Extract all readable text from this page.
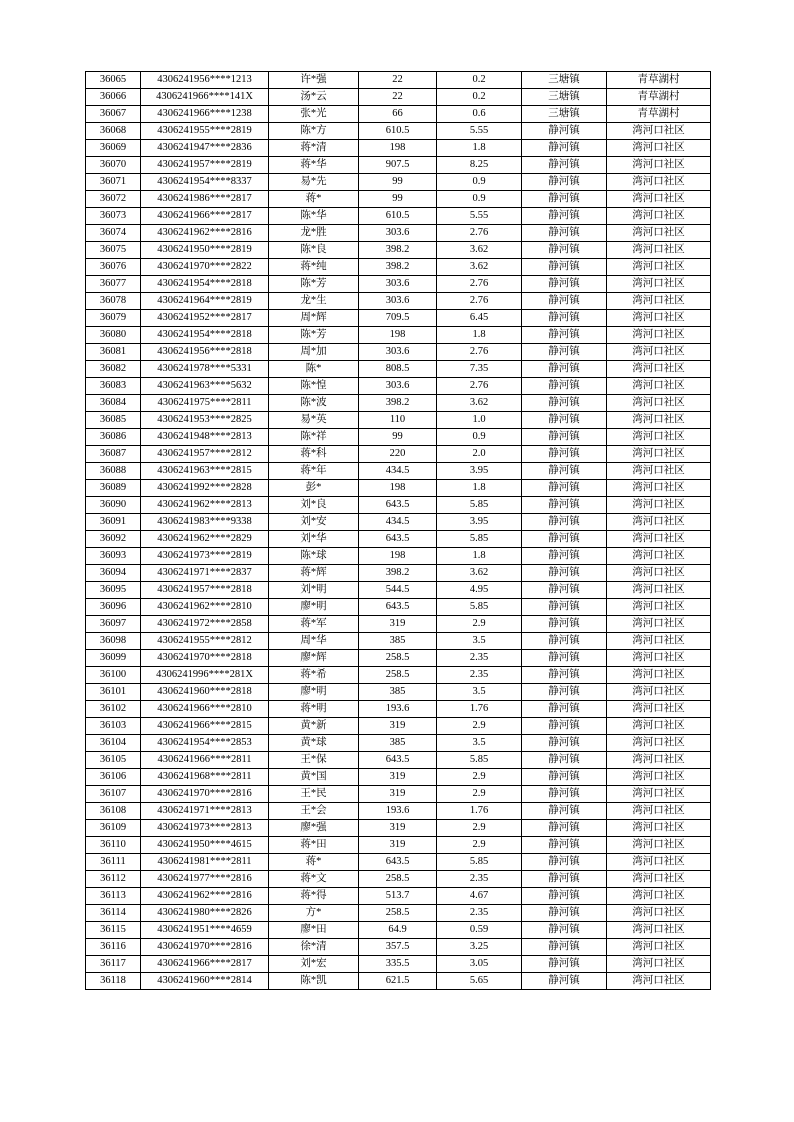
36065	4306241956****1213	许*强	22	0.2	三塘镇	青草湖村
36066	4306241966****141X	汤*云	22	0.2	三塘镇	青草湖村
36067	4306241966****1238	张*光	66	0.6	三塘镇	青草湖村
36068	4306241955****2819	陈*方	610.5	5.55	静河镇	湾河口社区
36069	4306241947****2836	蒋*清	198	1.8	静河镇	湾河口社区
36070	4306241957****2819	蒋*华	907.5	8.25	静河镇	湾河口社区
36071	4306241954****8337	易*先	99	0.9	静河镇	湾河口社区
36072	4306241986****2817	蒋*	99	0.9	静河镇	湾河口社区
36073	4306241966****2817	陈*华	610.5	5.55	静河镇	湾河口社区
36074	4306241962****2816	龙*胜	303.6	2.76	静河镇	湾河口社区
36075	4306241950****2819	陈*良	398.2	3.62	静河镇	湾河口社区
36076	4306241970****2822	蒋*纯	398.2	3.62	静河镇	湾河口社区
36077	4306241954****2818	陈*芳	303.6	2.76	静河镇	湾河口社区
36078	4306241964****2819	龙*生	303.6	2.76	静河镇	湾河口社区
36079	4306241952****2817	周*辉	709.5	6.45	静河镇	湾河口社区
36080	4306241954****2818	陈*芳	198	1.8	静河镇	湾河口社区
36081	4306241956****2818	周*加	303.6	2.76	静河镇	湾河口社区
36082	4306241978****5331	陈*	808.5	7.35	静河镇	湾河口社区
36083	4306241963****5632	陈*惶	303.6	2.76	静河镇	湾河口社区
36084	4306241975****2811	陈*波	398.2	3.62	静河镇	湾河口社区
36085	4306241953****2825	易*英	110	1.0	静河镇	湾河口社区
36086	4306241948****2813	陈*祥	99	0.9	静河镇	湾河口社区
36087	4306241957****2812	蒋*科	220	2.0	静河镇	湾河口社区
36088	4306241963****2815	蒋*年	434.5	3.95	静河镇	湾河口社区
36089	4306241992****2828	彭*	198	1.8	静河镇	湾河口社区
36090	4306241962****2813	刘*良	643.5	5.85	静河镇	湾河口社区
36091	4306241983****9338	刘*安	434.5	3.95	静河镇	湾河口社区
36092	4306241962****2829	刘*华	643.5	5.85	静河镇	湾河口社区
36093	4306241973****2819	陈*球	198	1.8	静河镇	湾河口社区
36094	4306241971****2837	蒋*辉	398.2	3.62	静河镇	湾河口社区
36095	4306241957****2818	刘*明	544.5	4.95	静河镇	湾河口社区
36096	4306241962****2810	廖*明	643.5	5.85	静河镇	湾河口社区
36097	4306241972****2858	蒋*军	319	2.9	静河镇	湾河口社区
36098	4306241955****2812	周*华	385	3.5	静河镇	湾河口社区
36099	4306241970****2818	廖*辉	258.5	2.35	静河镇	湾河口社区
36100	4306241996****281X	蒋*希	258.5	2.35	静河镇	湾河口社区
36101	4306241960****2818	廖*明	385	3.5	静河镇	湾河口社区
36102	4306241966****2810	蒋*明	193.6	1.76	静河镇	湾河口社区
36103	4306241966****2815	黄*新	319	2.9	静河镇	湾河口社区
36104	4306241954****2853	黄*球	385	3.5	静河镇	湾河口社区
36105	4306241966****2811	王*保	643.5	5.85	静河镇	湾河口社区
36106	4306241968****2811	黄*国	319	2.9	静河镇	湾河口社区
36107	4306241970****2816	王*民	319	2.9	静河镇	湾河口社区
36108	4306241971****2813	王*会	193.6	1.76	静河镇	湾河口社区
36109	4306241973****2813	廖*强	319	2.9	静河镇	湾河口社区
36110	4306241950****4615	蒋*田	319	2.9	静河镇	湾河口社区
36111	4306241981****2811	蒋*	643.5	5.85	静河镇	湾河口社区
36112	4306241977****2816	蒋*文	258.5	2.35	静河镇	湾河口社区
36113	4306241962****2816	蒋*得	513.7	4.67	静河镇	湾河口社区
36114	4306241980****2826	方*	258.5	2.35	静河镇	湾河口社区
36115	4306241951****4659	廖*田	64.9	0.59	静河镇	湾河口社区
36116	4306241970****2816	徐*清	357.5	3.25	静河镇	湾河口社区
36117	4306241966****2817	刘*宏	335.5	3.05	静河镇	湾河口社区
36118	4306241960****2814	陈*凯	621.5	5.65	静河镇	湾河口社区
